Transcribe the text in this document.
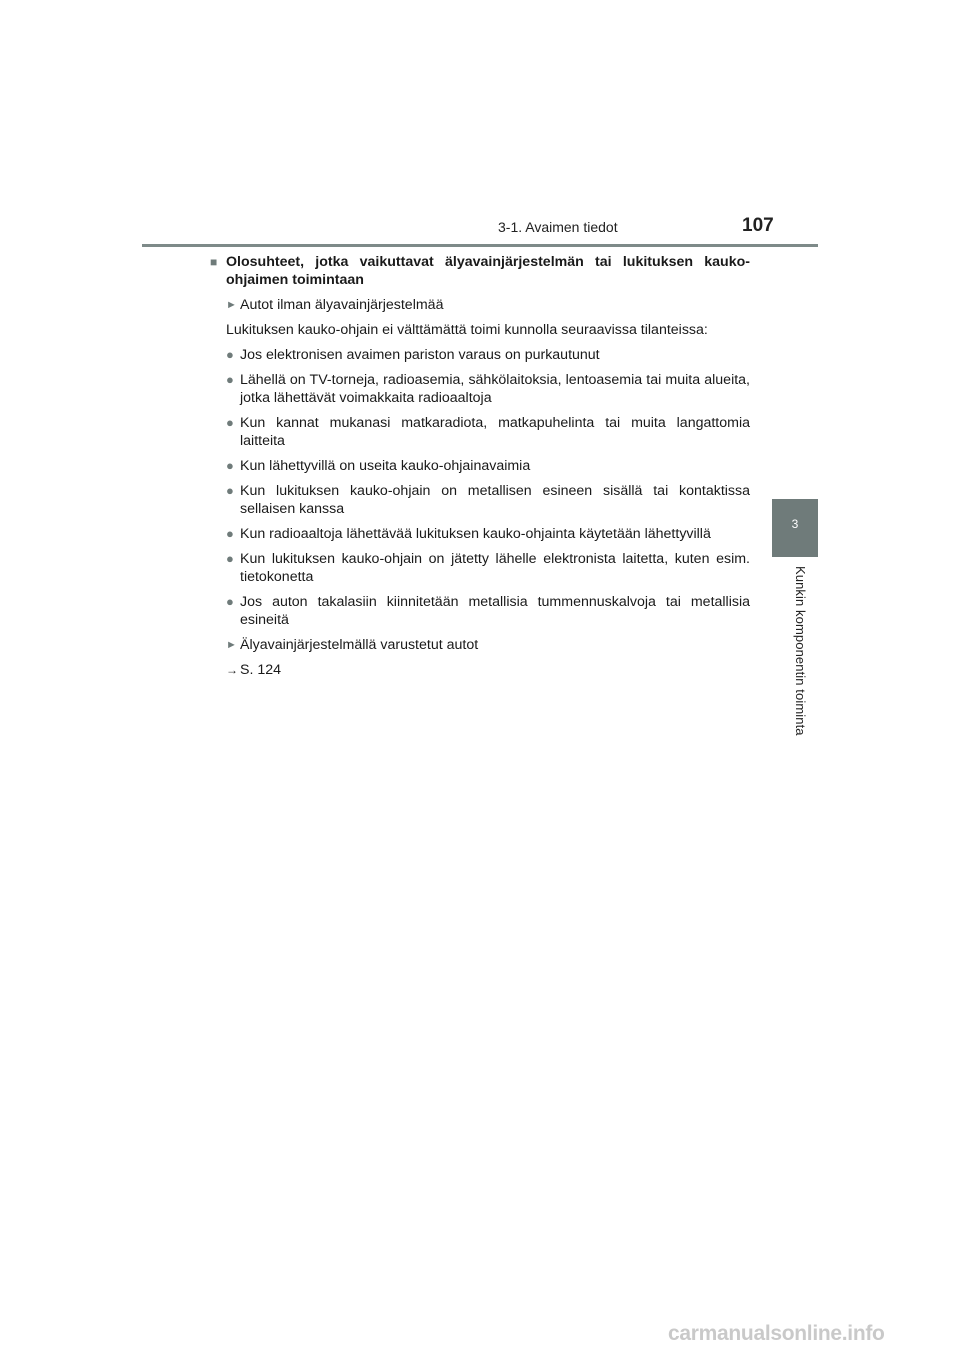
3-1. Avaimen tiedot	107
3
Kunkin komponentin toiminta
■ Olosuhteet, jotka vaikuttavat älyavainjärjestelmän tai lukituksen kauko-ohjaimen toimintaan
► Autot ilman älyavainjärjestelmää
Lukituksen kauko-ohjain ei välttämättä toimi kunnolla seuraavissa tilanteissa:
● Jos elektronisen avaimen pariston varaus on purkautunut
● Lähellä on TV-torneja, radioasemia, sähkölaitoksia, lentoasemia tai muita alueita, jotka lähettävät voimakkaita radioaaltoja
● Kun kannat mukanasi matkaradiota, matkapuhelinta tai muita langattomia laitteita
● Kun lähettyvillä on useita kauko-ohjainavaimia
● Kun lukituksen kauko-ohjain on metallisen esineen sisällä tai kontaktissa sellaisen kanssa
● Kun radioaaltoja lähettävää lukituksen kauko-ohjainta käytetään lähettyvillä
● Kun lukituksen kauko-ohjain on jätetty lähelle elektronista laitetta, kuten esim. tietokonetta
● Jos auton takalasiin kiinnitetään metallisia tummennuskalvoja tai metallisia esineitä
► Älyavainjärjestelmällä varustetut autot
→ S. 124
carmanualsonline.info
